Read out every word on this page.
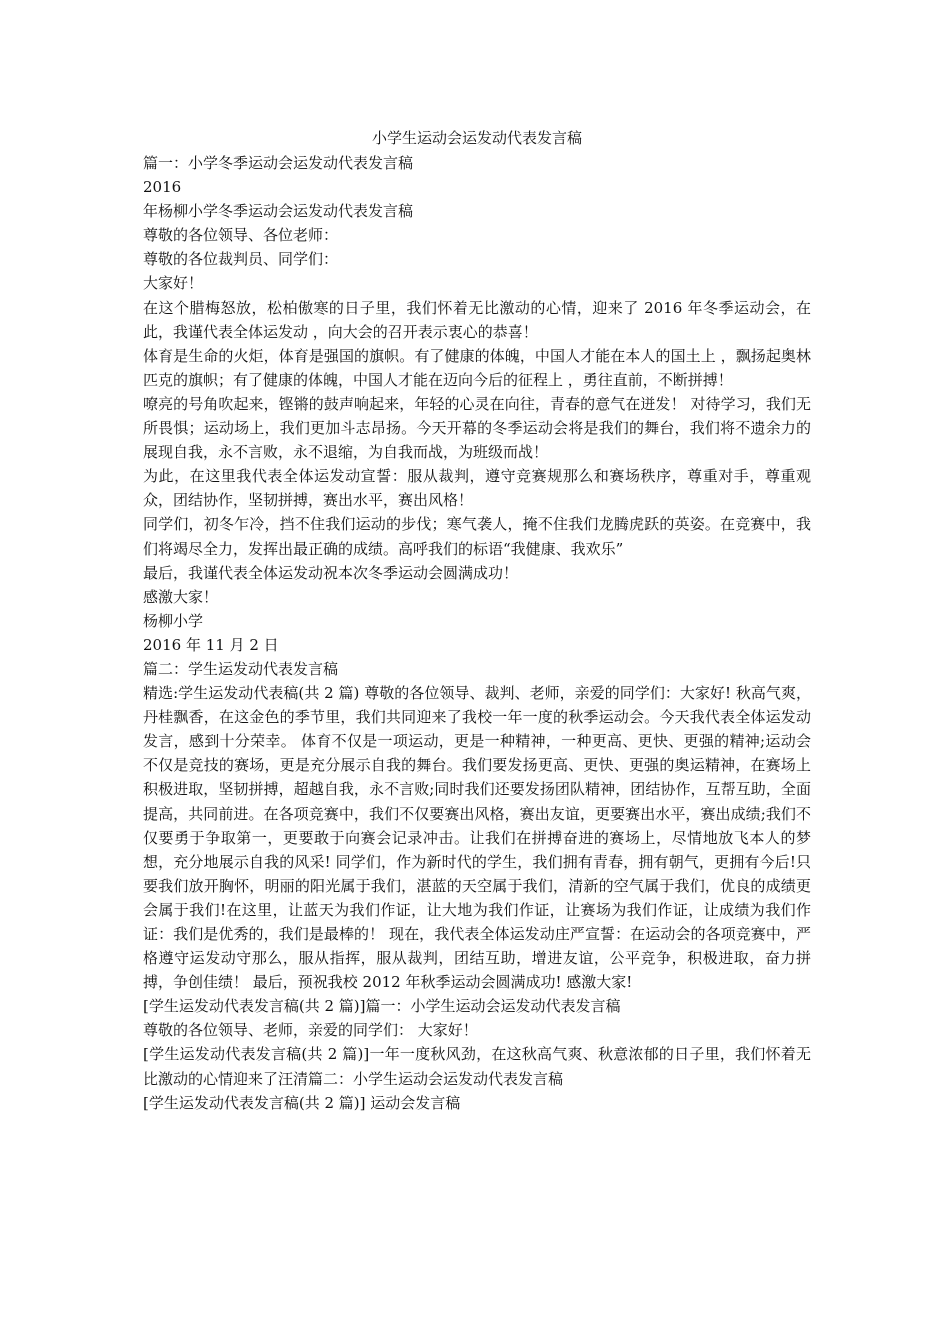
小学生运动会运发动代表发言稿

篇一：小学冬季运动会运发动代表发言稿

2016

年杨柳小学冬季运动会运发动代表发言稿

尊敬的各位领导、各位老师：

尊敬的各位裁判员、同学们：

大家好！

在这个腊梅怒放，松柏傲寒的日子里，我们怀着无比激动的心情，迎来了 2016 年冬季运动会，在此，我谨代表全体运发动 ，向大会的召开表示衷心的恭喜！

体育是生命的火炬，体育是强国的旗帜。有了健康的体魄，中国人才能在本人的国土上 ，飘扬起奥林匹克的旗帜；有了健康的体魄，中国人才能在迈向今后的征程上 ，勇往直前，不断拼搏！

嘹亮的号角吹起来，铿锵的鼓声响起来，年轻的心灵在向往，青春的意气在迸发！ 对待学习，我们无所畏惧；运动场上，我们更加斗志昂扬。今天开幕的冬季运动会将是我们的舞台，我们将不遗余力的展现自我，永不言败，永不退缩，为自我而战，为班级而战！

为此，在这里我代表全体运发动宣誓：服从裁判，遵守竞赛规那么和赛场秩序，尊重对手，尊重观众，团结协作，坚韧拼搏，赛出水平，赛出风格！

同学们，初冬乍冷，挡不住我们运动的步伐；寒气袭人，掩不住我们龙腾虎跃的英姿。在竞赛中，我们将竭尽全力，发挥出最正确的成绩。高呼我们的标语“我健康、我欢乐”

最后，我谨代表全体运发动祝本次冬季运动会圆满成功！

感激大家！

杨柳小学

2016 年 11 月 2 日

篇二：学生运发动代表发言稿

精选:学生运发动代表稿(共 2 篇) 尊敬的各位领导、裁判、老师，亲爱的同学们：大家好! 秋高气爽，丹桂飘香，在这金色的季节里，我们共同迎来了我校一年一度的秋季运动会。今天我代表全体运发动发言，感到十分荣幸。 体育不仅是一项运动，更是一种精神，一种更高、更快、更强的精神;运动会不仅是竞技的赛场，更是充分展示自我的舞台。我们要发扬更高、更快、更强的奥运精神，在赛场上积极进取，坚韧拼搏，超越自我，永不言败;同时我们还要发扬团队精神，团结协作，互帮互助，全面提高，共同前进。在各项竞赛中，我们不仅要赛出风格，赛出友谊，更要赛出水平，赛出成绩;我们不仅要勇于争取第一，更要敢于向赛会记录冲击。让我们在拼搏奋进的赛场上，尽情地放飞本人的梦想，充分地展示自我的风采! 同学们，作为新时代的学生，我们拥有青春，拥有朝气，更拥有今后!只要我们放开胸怀，明丽的阳光属于我们，湛蓝的天空属于我们，清新的空气属于我们，优良的成绩更会属于我们!在这里，让蓝天为我们作证，让大地为我们作证，让赛场为我们作证，让成绩为我们作证：我们是优秀的，我们是最棒的！ 现在，我代表全体运发动庄严宣誓：在运动会的各项竞赛中，严格遵守运发动守那么，服从指挥，服从裁判，团结互助，增进友谊，公平竞争，积极进取，奋力拼搏，争创佳绩！ 最后，预祝我校 2012 年秋季运动会圆满成功! 感激大家!

[学生运发动代表发言稿(共 2 篇)]篇一：小学生运动会运发动代表发言稿

尊敬的各位领导、老师，亲爱的同学们： 大家好！

[学生运发动代表发言稿(共 2 篇)]一年一度秋风劲，在这秋高气爽、秋意浓郁的日子里，我们怀着无比激动的心情迎来了汪清篇二：小学生运动会运发动代表发言稿

[学生运发动代表发言稿(共 2 篇)] 运动会发言稿
